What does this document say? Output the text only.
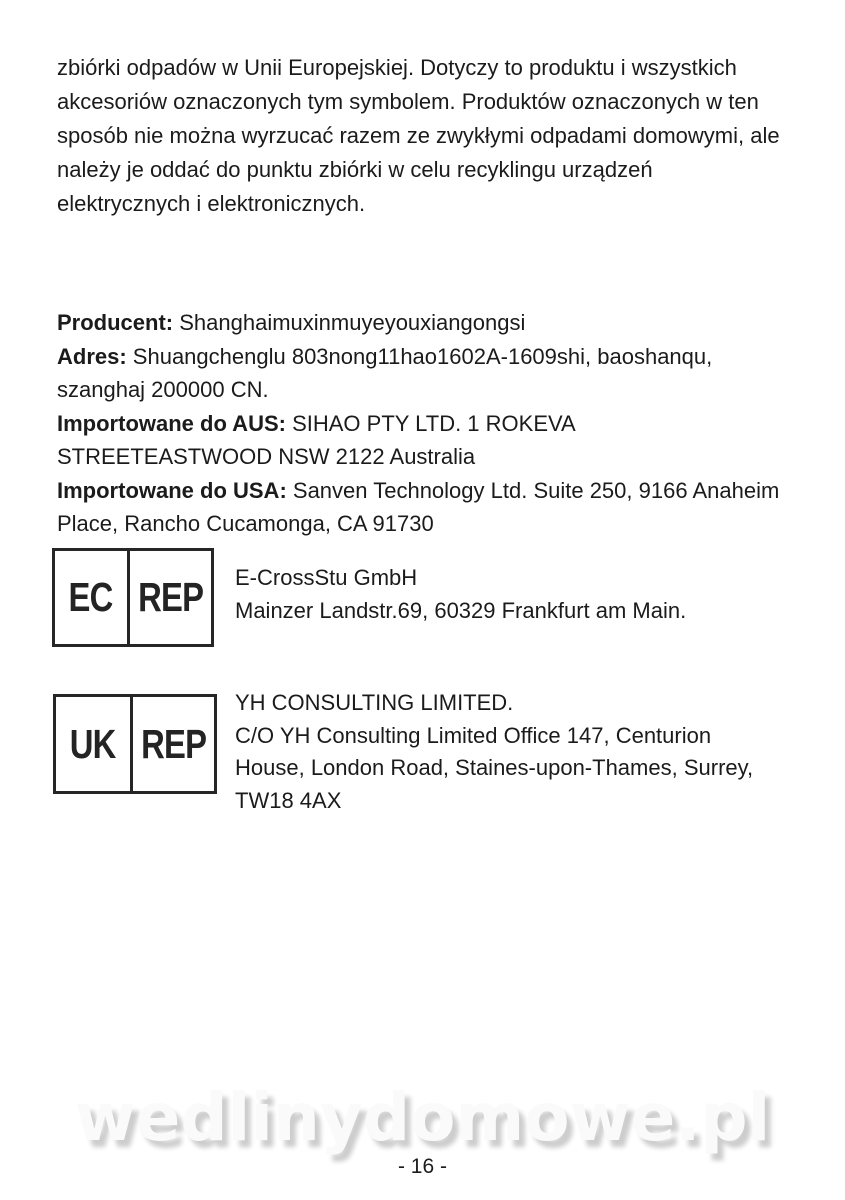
zbiórki odpadów w Unii Europejskiej. Dotyczy to produktu i wszystkich
akcesoriów oznaczonych tym symbolem. Produktów oznaczonych w ten
sposób nie można wyrzucać razem ze zwykłymi odpadami domowymi, ale
należy je oddać do punktu zbiórki w celu recyklingu urządzeń
elektrycznych i elektronicznych.
Producent: Shanghaimuxinmuyeyouxiangongsi
Adres: Shuangchenglu 803nong11hao1602A-1609shi, baoshanqu,
szanghaj 200000 CN.
Importowane do AUS: SIHAO PTY LTD. 1 ROKEVA
STREETEASTWOOD NSW 2122 Australia
Importowane do USA: Sanven Technology Ltd. Suite 250, 9166 Anaheim
Place, Rancho Cucamonga, CA 91730
EC REP E-CrossStu GmbH
Mainzer Landstr.69, 60329 Frankfurt am Main.
UK REP
YH CONSULTING LIMITED.
C/O YH Consulting Limited Office 147, Centurion
House, London Road, Staines-upon-Thames, Surrey,
TW18 4AX
wedlinydomowe.pl
- 16 -
